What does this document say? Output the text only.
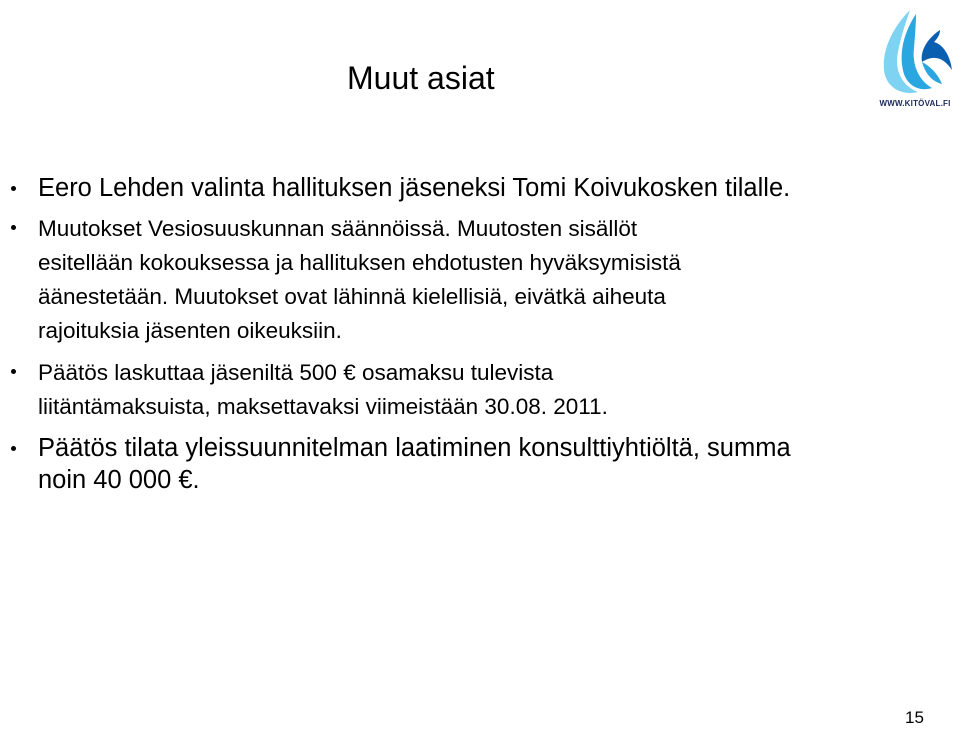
Muut asiat
WWW.KITÖVAL.FI
Eero Lehden valinta hallituksen jäseneksi Tomi Koivukosken tilalle.
Muutokset Vesiosuuskunnan säännöissä. Muutosten sisällöt
esitellään kokouksessa ja hallituksen ehdotusten hyväksymisistä
äänestetään. Muutokset ovat lähinnä kielellisiä, eivätkä aiheuta
rajoituksia jäsenten oikeuksiin.
Päätös laskuttaa jäseniltä 500 € osamaksu tulevista
liitäntämaksuista, maksettavaksi viimeistään 30.08. 2011.
Päätös tilata yleissuunnitelman laatiminen konsulttiyhtiöltä, summa
noin 40 000 €.
15
